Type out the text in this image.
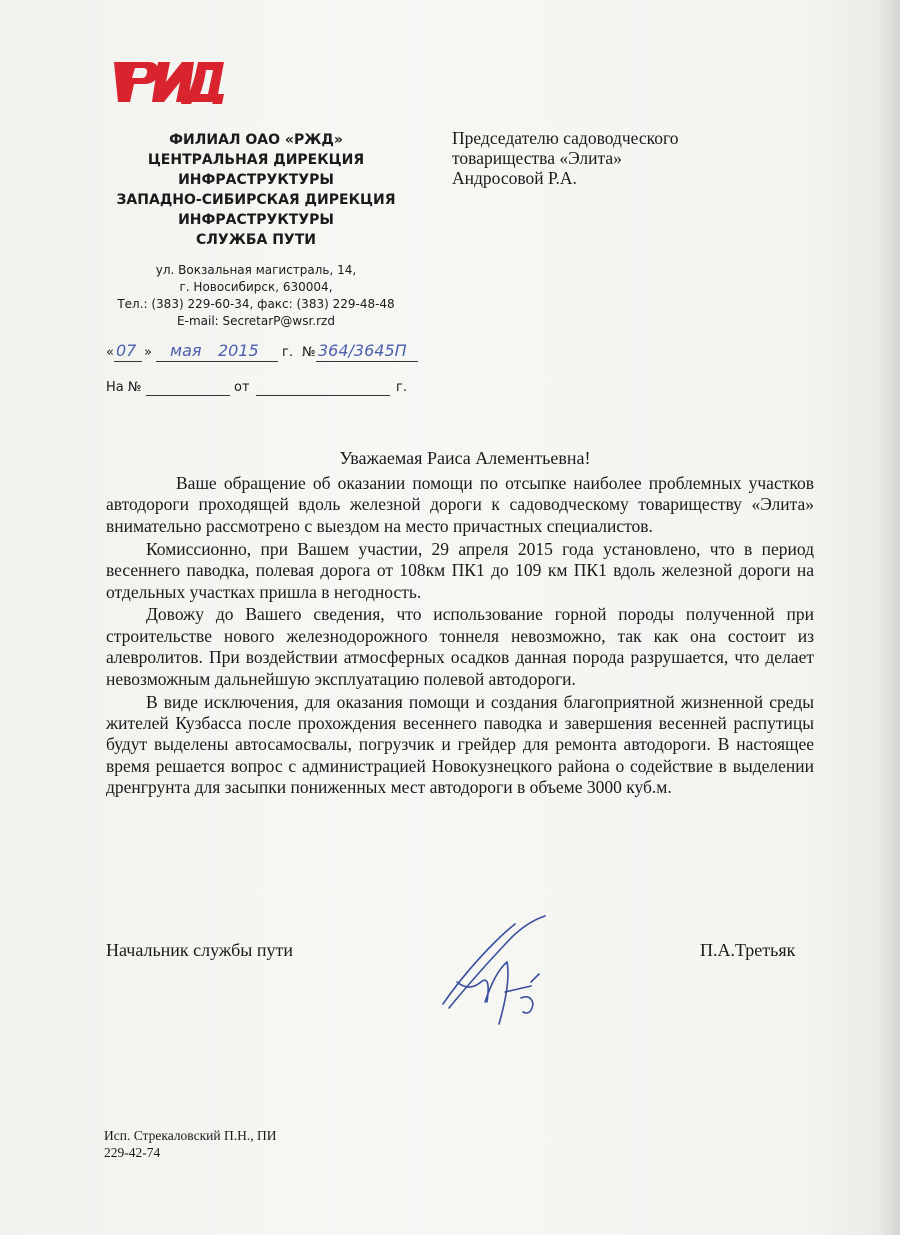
ФИЛИАЛ ОАО «РЖД»
ЦЕНТРАЛЬНАЯ ДИРЕКЦИЯ
ИНФРАСТРУКТУРЫ
ЗАПАДНО-СИБИРСКАЯ ДИРЕКЦИЯ
ИНФРАСТРУКТУРЫ
СЛУЖБА ПУТИ
ул. Вокзальная магистраль, 14,
г. Новосибирск, 630004,
Тел.: (383) 229-60-34, факс: (383) 229-48-48
E-mail: SecretarP@wsr.rzd
Председателю садоводческого
товарищества «Элита»
Андросовой Р.А.
« 07 » мая 2015 г. № 364/3645П
На №	от	г.
Уважаемая Раиса Алементьевна!

Ваше обращение об оказании помощи по отсыпке наиболее проблемных участков автодороги проходящей вдоль железной дороги к садоводческому товариществу «Элита» внимательно рассмотрено с выездом на место причастных специалистов.

Комиссионно, при Вашем участии, 29 апреля 2015 года установлено, что в период весеннего паводка, полевая дорога от 108км ПК1 до 109 км ПК1 вдоль железной дороги на отдельных участках пришла в негодность.

Довожу до Вашего сведения, что использование горной породы полученной при строительстве нового железнодорожного тоннеля невозможно, так как она состоит из алевролитов. При воздействии атмосферных осадков данная порода разрушается, что делает невозможным дальнейшую эксплуатацию полевой автодороги.

В виде исключения, для оказания помощи и создания благоприятной жизненной среды жителей Кузбасса после прохождения весеннего паводка и завершения весенней распутицы будут выделены автосамосвалы, погрузчик и грейдер для ремонта автодороги. В настоящее время решается вопрос с администрацией Новокузнецкого района о содействие в выделении дренгрунта для засыпки пониженных мест автодороги в объеме 3000 куб.м.

Начальник службы пути	П.А.Третьяк
Исп. Стрекаловский П.Н., ПИ
229-42-74
